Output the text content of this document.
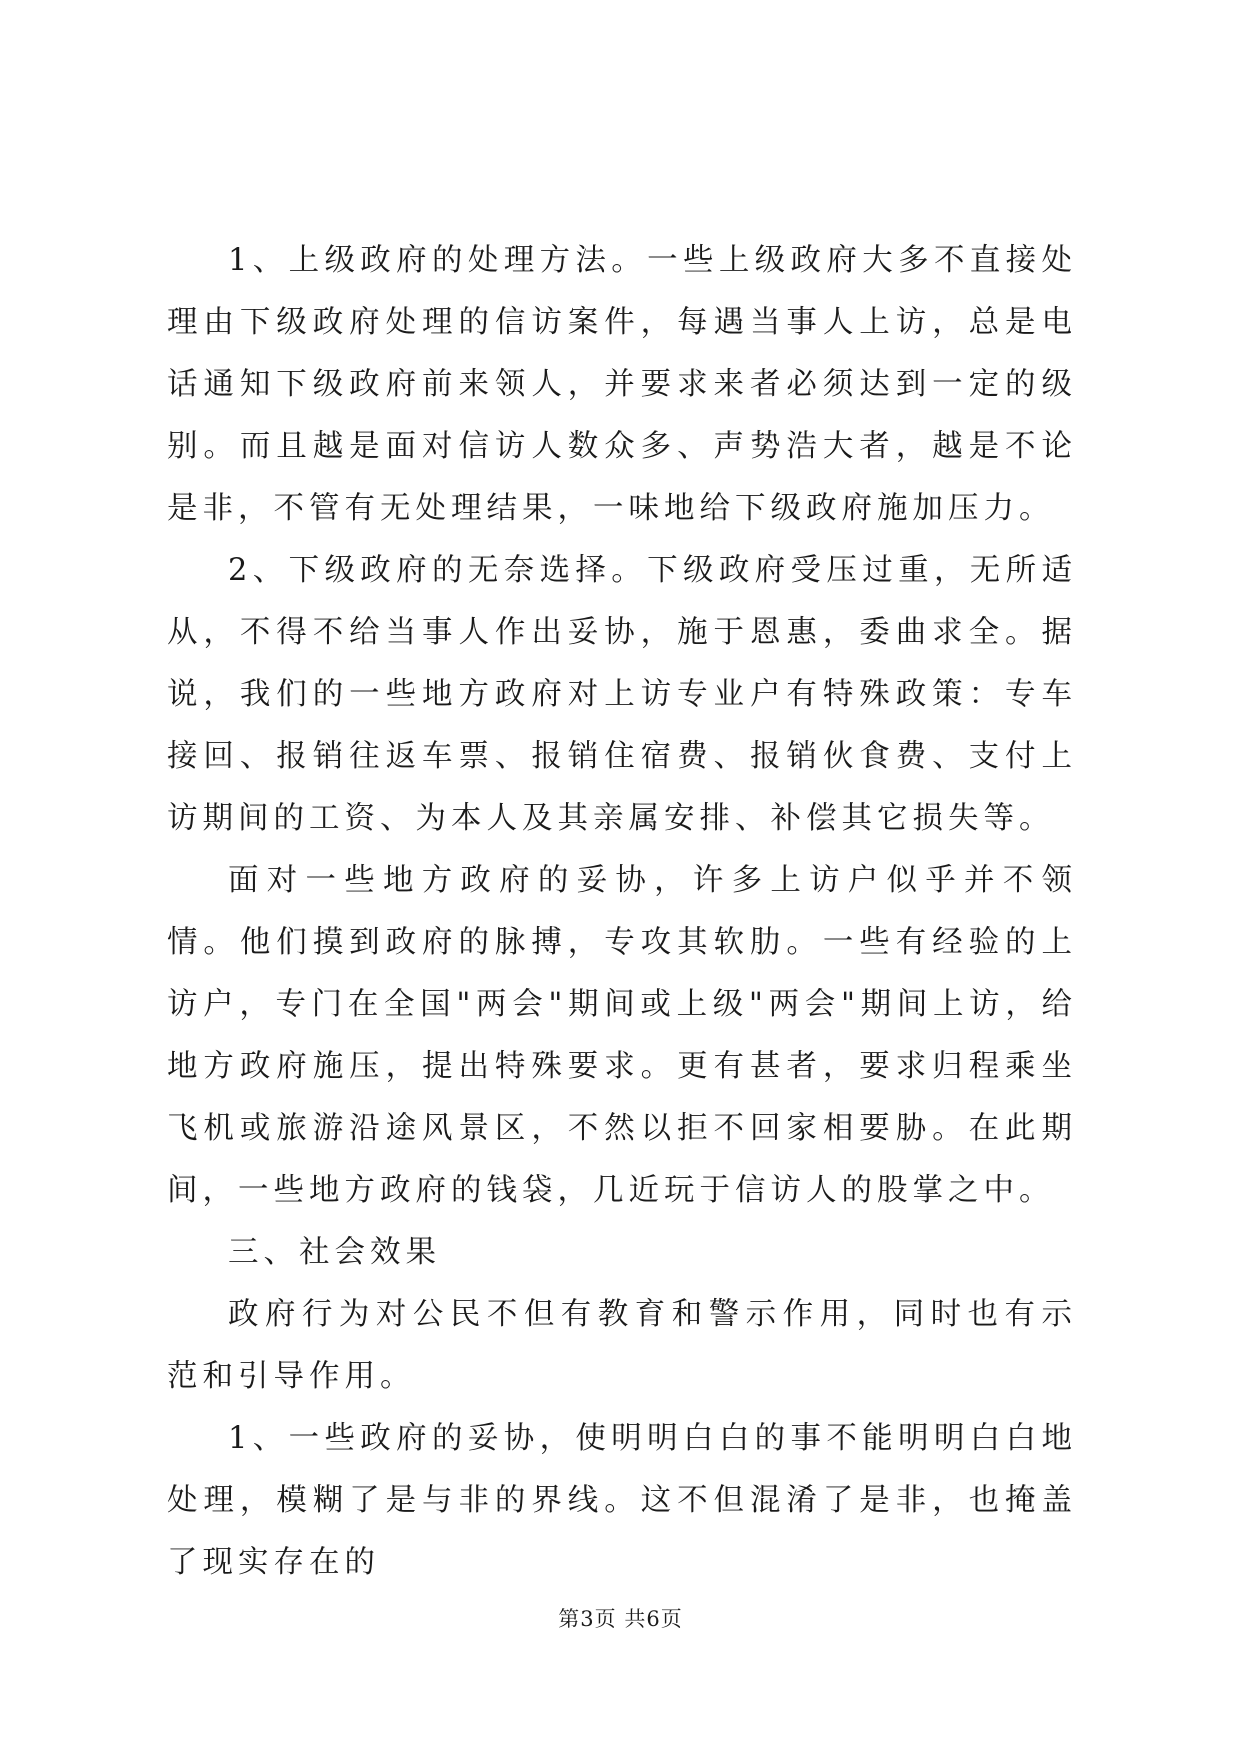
1、上级政府的处理方法。一些上级政府大多不直接处理由下级政府处理的信访案件，每遇当事人上访，总是电话通知下级政府前来领人，并要求来者必须达到一定的级别。而且越是面对信访人数众多、声势浩大者，越是不论是非，不管有无处理结果，一味地给下级政府施加压力。

2、下级政府的无奈选择。下级政府受压过重，无所适从，不得不给当事人作出妥协，施于恩惠，委曲求全。据说，我们的一些地方政府对上访专业户有特殊政策：专车接回、报销往返车票、报销住宿费、报销伙食费、支付上访期间的工资、为本人及其亲属安排、补偿其它损失等。

面对一些地方政府的妥协，许多上访户似乎并不领情。他们摸到政府的脉搏，专攻其软肋。一些有经验的上访户，专门在全国"两会"期间或上级"两会"期间上访，给地方政府施压，提出特殊要求。更有甚者，要求归程乘坐飞机或旅游沿途风景区，不然以拒不回家相要胁。在此期间，一些地方政府的钱袋，几近玩于信访人的股掌之中。

三、社会效果

政府行为对公民不但有教育和警示作用，同时也有示范和引导作用。

1、一些政府的妥协，使明明白白的事不能明明白白地处理，模糊了是与非的界线。这不但混淆了是非，也掩盖了现实存在的

第3页 共6页
